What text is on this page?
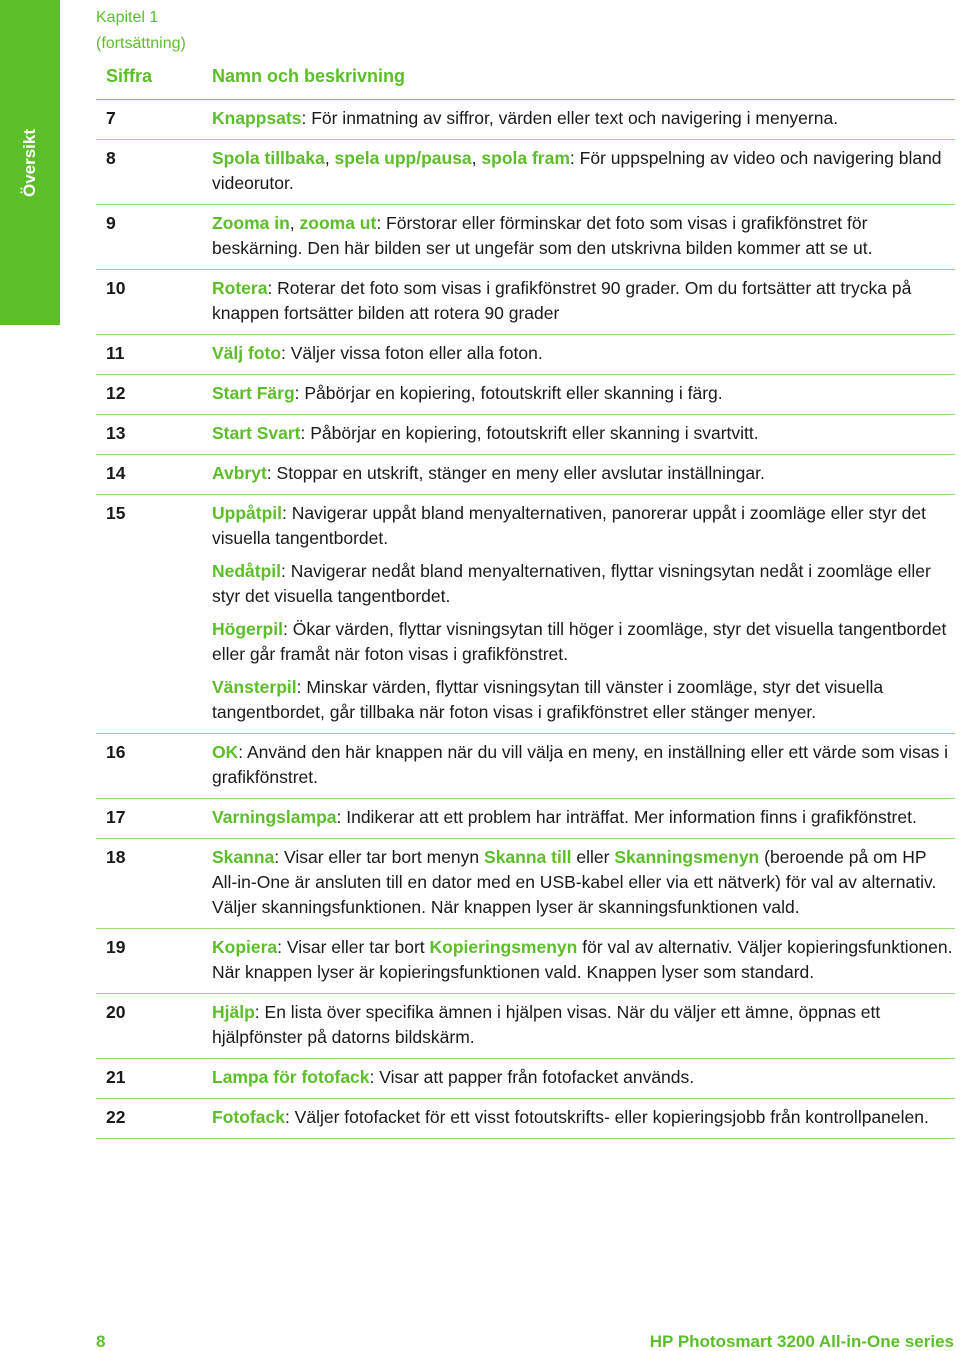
Översikt
Kapitel 1
(fortsättning)
Siffra	Namn och beskrivning
7	Knappsats: För inmatning av siffror, värden eller text och navigering i menyerna.
8	Spola tillbaka, spela upp/pausa, spola fram: För uppspelning av video och navigering bland videorutor.
9	Zooma in, zooma ut: Förstorar eller förminskar det foto som visas i grafikfönstret för beskärning. Den här bilden ser ut ungefär som den utskrivna bilden kommer att se ut.
10	Rotera: Roterar det foto som visas i grafikfönstret 90 grader. Om du fortsätter att trycka på knappen fortsätter bilden att rotera 90 grader
11	Välj foto: Väljer vissa foton eller alla foton.
12	Start Färg: Påbörjar en kopiering, fotoutskrift eller skanning i färg.
13	Start Svart: Påbörjar en kopiering, fotoutskrift eller skanning i svartvitt.
14	Avbryt: Stoppar en utskrift, stänger en meny eller avslutar inställningar.
15	Uppåtpil: Navigerar uppåt bland menyalternativen, panorerar uppåt i zoomläge eller styr det visuella tangentbordet.
Nedåtpil: Navigerar nedåt bland menyalternativen, flyttar visningsytan nedåt i zoomläge eller styr det visuella tangentbordet.
Högerpil: Ökar värden, flyttar visningsytan till höger i zoomläge, styr det visuella tangentbordet eller går framåt när foton visas i grafikfönstret.
Vänsterpil: Minskar värden, flyttar visningsytan till vänster i zoomläge, styr det visuella tangentbordet, går tillbaka när foton visas i grafikfönstret eller stänger menyer.
16	OK: Använd den här knappen när du vill välja en meny, en inställning eller ett värde som visas i grafikfönstret.
17	Varningslampa: Indikerar att ett problem har inträffat. Mer information finns i grafikfönstret.
18	Skanna: Visar eller tar bort menyn Skanna till eller Skanningsmenyn (beroende på om HP All-in-One är ansluten till en dator med en USB-kabel eller via ett nätverk) för val av alternativ. Väljer skanningsfunktionen. När knappen lyser är skanningsfunktionen vald.
19	Kopiera: Visar eller tar bort Kopieringsmenyn för val av alternativ. Väljer kopieringsfunktionen. När knappen lyser är kopieringsfunktionen vald. Knappen lyser som standard.
20	Hjälp: En lista över specifika ämnen i hjälpen visas. När du väljer ett ämne, öppnas ett hjälpfönster på datorns bildskärm.
21	Lampa för fotofack: Visar att papper från fotofacket används.
22	Fotofack: Väljer fotofacket för ett visst fotoutskrifts- eller kopieringsjobb från kontrollpanelen.
8	HP Photosmart 3200 All-in-One series
